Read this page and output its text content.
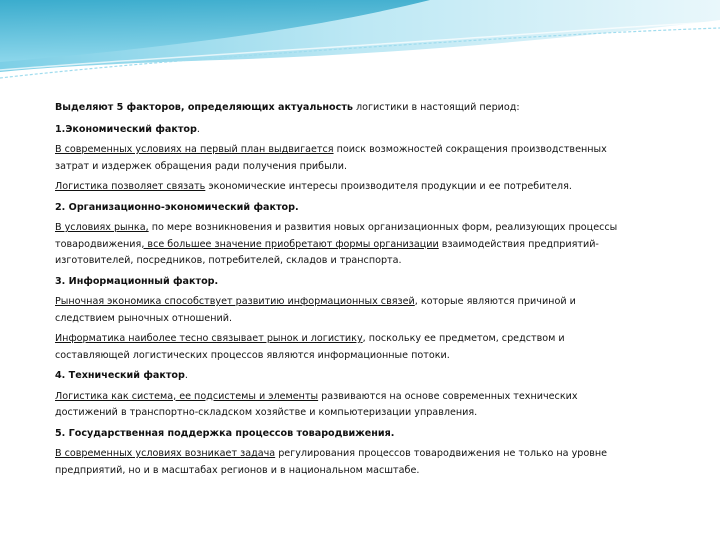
Выделяют 5 факторов, определяющих актуальность логистики в настоящий период:

1.Экономический фактор.

В современных условиях на первый план выдвигается поиск возможностей сокращения производственных затрат и издержек обращения ради получения прибыли.

Логистика позволяет связать экономические интересы производителя продукции и ее потребителя.

2. Организационно-экономический фактор.

В условиях рынка, по мере возникновения и развития новых организационных форм, реализующих процессы товародвижения, все большее значение приобретают формы организации взаимодействия предприятий-изготовителей, посредников, потребителей, складов и транспорта.

3. Информационный фактор.

Рыночная экономика способствует развитию информационных связей, которые являются причиной и следствием рыночных отношений.

Информатика наиболее тесно связывает рынок и логистику, поскольку ее предметом, средством и составляющей логистических процессов являются информационные потоки.

4. Технический фактор.

Логистика как система, ее подсистемы и элементы развиваются на основе современных технических достижений в транспортно-складском хозяйстве и компьютеризации управления.

5. Государственная поддержка процессов товародвижения.

В современных условиях возникает задача регулирования процессов товародвижения не только на уровне предприятий, но и в масштабах регионов и в национальном масштабе.
